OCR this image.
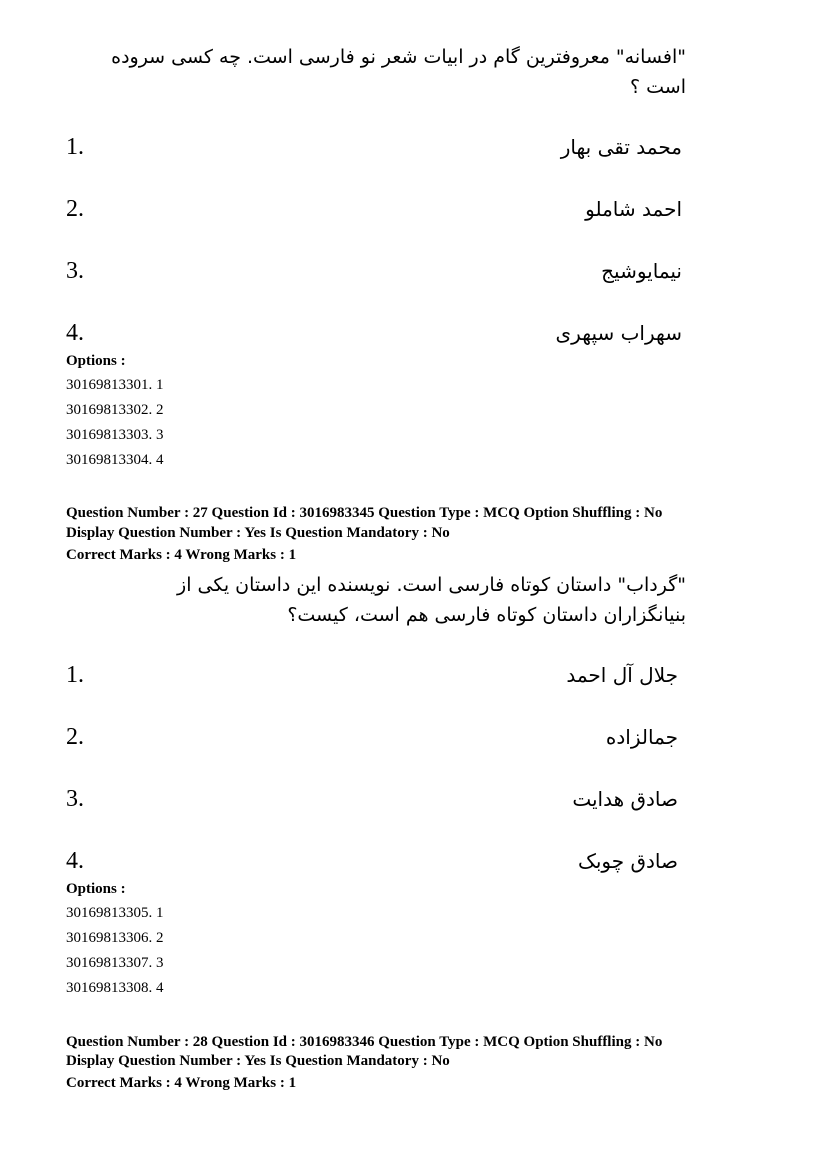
"افسانه" معروفترین گام در ابیات شعر نو فارسی است. چه کسی سروده
است ؟
1.	محمد تقی بهار
2.	احمد شاملو
3.	نیمایوشیج
4.	سهراب سپهری
Options :
30169813301. 1
30169813302. 2
30169813303. 3
30169813304. 4
Question Number : 27 Question Id : 3016983345 Question Type : MCQ Option Shuffling : No
Display Question Number : Yes Is Question Mandatory : No
Correct Marks : 4 Wrong Marks : 1
"گرداب" داستان کوتاه فارسی است. نویسنده این داستان یکی از
بنیانگزاران داستان کوتاه فارسی هم است، کیست؟
1.	جلال آل احمد
2.	جمالزاده
3.	صادق هدایت
4.	صادق چوبک
Options :
30169813305. 1
30169813306. 2
30169813307. 3
30169813308. 4
Question Number : 28 Question Id : 3016983346 Question Type : MCQ Option Shuffling : No
Display Question Number : Yes Is Question Mandatory : No
Correct Marks : 4 Wrong Marks : 1
